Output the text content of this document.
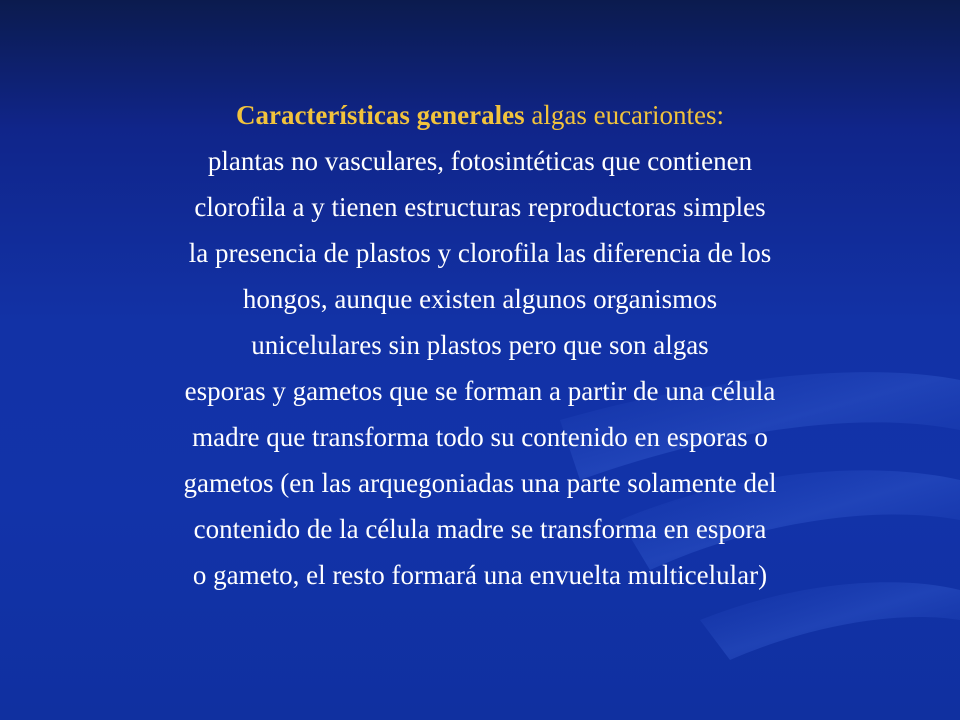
Características generales algas eucariontes:
plantas no vasculares, fotosintéticas que contienen
clorofila a y tienen estructuras reproductoras simples
la presencia de plastos y clorofila las diferencia de los
hongos, aunque existen algunos organismos
unicelulares sin plastos pero que son algas
esporas y gametos que se forman a partir de una célula
madre que transforma todo su contenido en esporas o
gametos (en las arquegoniadas una parte solamente del
contenido de la célula madre se transforma en espora
o gameto, el resto formará una envuelta multicelular)
